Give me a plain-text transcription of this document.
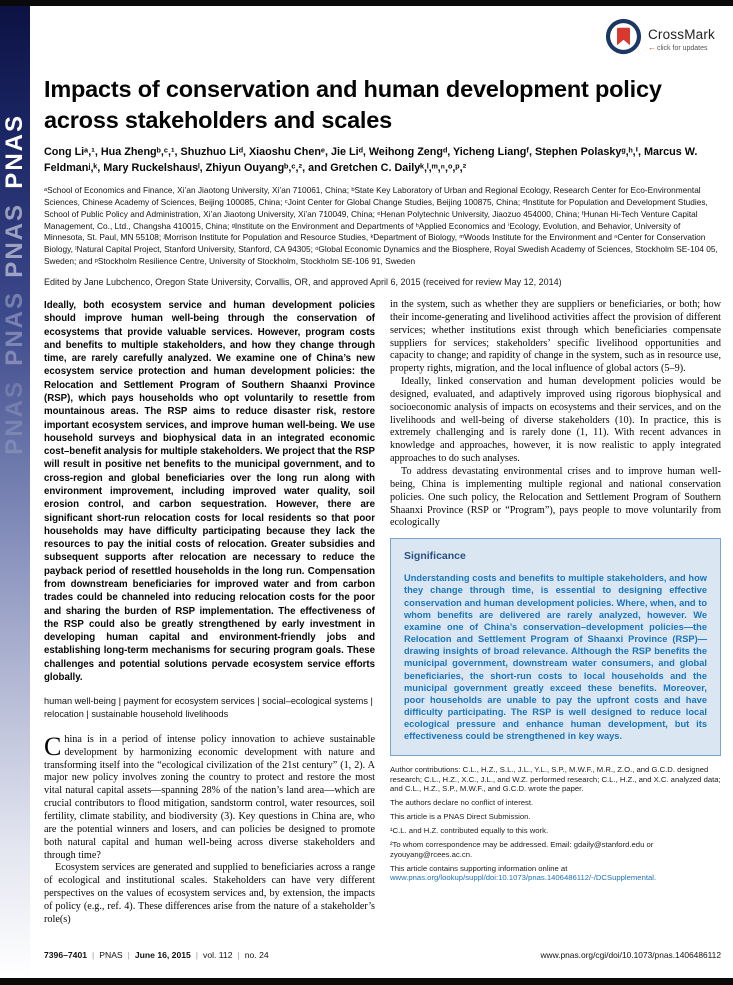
PNAS
PNAS
PNAS
PNAS
CrossMark
←click for updates
Impacts of conservation and human development policy across stakeholders and scales

Cong Liᵃ,¹, Hua Zhengᵇ,ᶜ,¹, Shuzhuo Liᵈ, Xiaoshu Chenᵉ, Jie Liᵈ, Weihong Zengᵈ, Yicheng Liangᶠ, Stephen Polaskyᵍ,ʰ,ⁱ, Marcus W. Feldmanʲ,ᵏ, Mary Ruckelshausˡ, Zhiyun Ouyangᵇ,ᶜ,², and Gretchen C. Dailyᵏ,ˡ,ᵐ,ⁿ,ᵒ,ᵖ,²

ᵃSchool of Economics and Finance, Xi’an Jiaotong University, Xi’an 710061, China; ᵇState Key Laboratory of Urban and Regional Ecology, Research Center for Eco-Environmental Sciences, Chinese Academy of Sciences, Beijing 100085, China; ᶜJoint Center for Global Change Studies, Beijing 100875, China; ᵈInstitute for Population and Development Studies, School of Public Policy and Administration, Xi’an Jiaotong University, Xi’an 710049, China; ᵉHenan Polytechnic University, Jiaozuo 454000, China; ᶠHunan Hi-Tech Venture Capital Management, Co., Ltd., Changsha 410015, China; ᵍInstitute on the Environment and Departments of ʰApplied Economics and ⁱEcology, Evolution, and Behavior, University of Minnesota, St. Paul, MN 55108; ʲMorrison Institute for Population and Resource Studies, ᵏDepartment of Biology, ᵐWoods Institute for the Environment and ⁿCenter for Conservation Biology, ˡNatural Capital Project, Stanford University, Stanford, CA 94305; ᵒGlobal Economic Dynamics and the Biosphere, Royal Swedish Academy of Sciences, Stockholm SE-104 05, Sweden; and ᵖStockholm Resilience Centre, University of Stockholm, Stockholm SE-106 91, Sweden

Edited by Jane Lubchenco, Oregon State University, Corvallis, OR, and approved April 6, 2015 (received for review May 12, 2014)

Ideally, both ecosystem service and human development policies should improve human well-being through the conservation of ecosystems that provide valuable services. However, program costs and benefits to multiple stakeholders, and how they change through time, are rarely carefully analyzed. We examine one of China’s new ecosystem service protection and human development policies: the Relocation and Settlement Program of Southern Shaanxi Province (RSP), which pays households who opt voluntarily to resettle from mountainous areas. The RSP aims to reduce disaster risk, restore important ecosystem services, and improve human well-being. We use household surveys and biophysical data in an integrated economic cost–benefit analysis for multiple stakeholders. We project that the RSP will result in positive net benefits to the municipal government, and to cross-region and global beneficiaries over the long run along with environment improvement, including improved water quality, soil erosion control, and carbon sequestration. However, there are significant short-run relocation costs for local residents so that poor households may have difficulty participating because they lack the resources to pay the initial costs of relocation. Greater subsidies and subsequent supports after relocation are necessary to reduce the payback period of resettled households in the long run. Compensation from downstream beneficiaries for improved water and from carbon trades could be channeled into reducing relocation costs for the poor and sharing the burden of RSP implementation. The effectiveness of the RSP could also be greatly strengthened by early investment in developing human capital and environment-friendly jobs and establishing long-term mechanisms for securing program goals. These challenges and potential solutions pervade ecosystem service efforts globally.

human well-being | payment for ecosystem services | social–ecological systems | relocation | sustainable household livelihoods

China is in a period of intense policy innovation to achieve sustainable development by harmonizing economic development with nature and transforming itself into the “ecological civilization of the 21st century” (1, 2). A major new policy involves zoning the country to protect and restore the most vital natural capital assets—spanning 28% of the nation’s land area—which are crucial contributors to flood mitigation, sandstorm control, water resources, soil fertility, climate stability, and biodiversity (3). Key questions in China are, who are the potential winners and losers, and can policies be designed to promote both natural capital and human well-being across diverse stakeholders and through time?

Ecosystem services are generated and supplied to beneficiaries across a range of ecological and institutional scales. Stakeholders can have very different perspectives on the values of ecosystem services and, by extension, the impacts of policy (e.g., ref. 4). These differences arise from the nature of a stakeholder’s role(s)

in the system, such as whether they are suppliers or beneficiaries, or both; how their income-generating and livelihood activities affect the provision of different services; whether institutions exist through which beneficiaries compensate suppliers for services; stakeholders’ specific livelihood opportunities and capacity to change; and rapidity of change in the system, such as in resource use, property rights, migration, and the local influence of global actors (5–9).

Ideally, linked conservation and human development policies would be designed, evaluated, and adaptively improved using rigorous biophysical and socioeconomic analysis of impacts on ecosystems and their services, and on the livelihoods and well-being of diverse stakeholders (10). In practice, this is extremely challenging and is rarely done (1, 11). With recent advances in knowledge and approaches, however, it is now realistic to apply integrated approaches to do such analyses.

To address devastating environmental crises and to improve human well-being, China is implementing multiple regional and national conservation policies. One such policy, the Relocation and Settlement Program of Southern Shaanxi Province (RSP or “Program”), pays people to move voluntarily from ecologically

Significance

Understanding costs and benefits to multiple stakeholders, and how they change through time, is essential to designing effective conservation and human development policies. Where, when, and to whom benefits are delivered are rarely analyzed, however. We examine one of China’s conservation–development policies—the Relocation and Settlement Program of Shaanxi Province (RSP)—drawing insights of broad relevance. Although the RSP benefits the municipal government, downstream water consumers, and global beneficiaries, the short-run costs to local households and the municipal government greatly exceed these benefits. Moreover, poor households are unable to pay the upfront costs and have difficulty participating. The RSP is well designed to reduce local ecological pressure and enhance human development, but its effectiveness could be strengthened in key ways.

Author contributions: C.L., H.Z., S.L., J.L., Y.L., S.P., M.W.F., M.R., Z.O., and G.C.D. designed research; C.L., H.Z., X.C., J.L., and W.Z. performed research; C.L., H.Z., and X.C. analyzed data; and C.L., H.Z., S.P., M.W.F., and G.C.D. wrote the paper.

The authors declare no conflict of interest.

This article is a PNAS Direct Submission.

¹C.L. and H.Z. contributed equally to this work.

²To whom correspondence may be addressed. Email: gdaily@stanford.edu or zyouyang@rcees.ac.cn.

This article contains supporting information online at www.pnas.org/lookup/suppl/doi:10.1073/pnas.1406486112/-/DCSupplemental.

7396–7401 | PNAS | June 16, 2015 | vol. 112 | no. 24	www.pnas.org/cgi/doi/10.1073/pnas.1406486112
